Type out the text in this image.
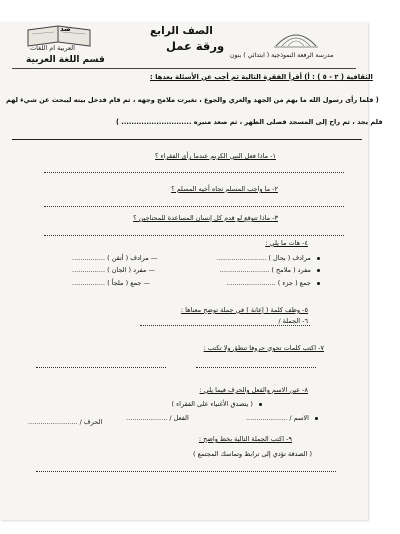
الصف الرابع
ورقة عمل
مدرسة الرفعة النموذجية ( ابتدائي ) بنون
ضد
العربية ام اللغات
قسم اللغة العربية
الثقافية ( ٢ - ٥ ) : أ) أقرأ الفقرة التالية ثم أجب عن الأسئلة بعدها :
( فلما رأى رسول الله ما بهم من الجهد والعري والجوع ، تغيرت ملامح وجهه ، ثم قام فدخل بيته ليبحث عن شيء لهم
فلم يجد ، ثم راح إلى المسجد فصلى الظهر ، ثم صعد منبره ............................ )
١- ماذا فعل النبي الكريم عندما رأى الفقراء ؟
٢- ما واجب المسلم تجاه أخيه المسلم ؟
٣- ماذا تتوقع لو قدم كل إنسان المساعدة للمحتاجين ؟
٤- هات ما يلي :
مرادف ( بحال ) ........................
— مرادف ( أتقن ) ................
مفرد ( ملامح ) ........................
— مفرد ( الجان ) ................
جمع ( جزء ) ........................
— جمع ( ملجأ ) ................
٥- وظف كلمة ( إعانة ) في جملة توضح معناها :
٦- الجملة /
٧- اكتب كلمات تحوي حروفا تنطق ولا تكتب :
٨- عين الاسم والفعل والحرف فيما يلي :
( يتصدق الأغنياء على الفقراء )
الاسم / ....................
الفعل / ....................
الحرف / ........................
٩- اكتب الجملة التالية بخط واضح :
( الصدقة تؤدي إلى ترابط وتماسك المجتمع )
